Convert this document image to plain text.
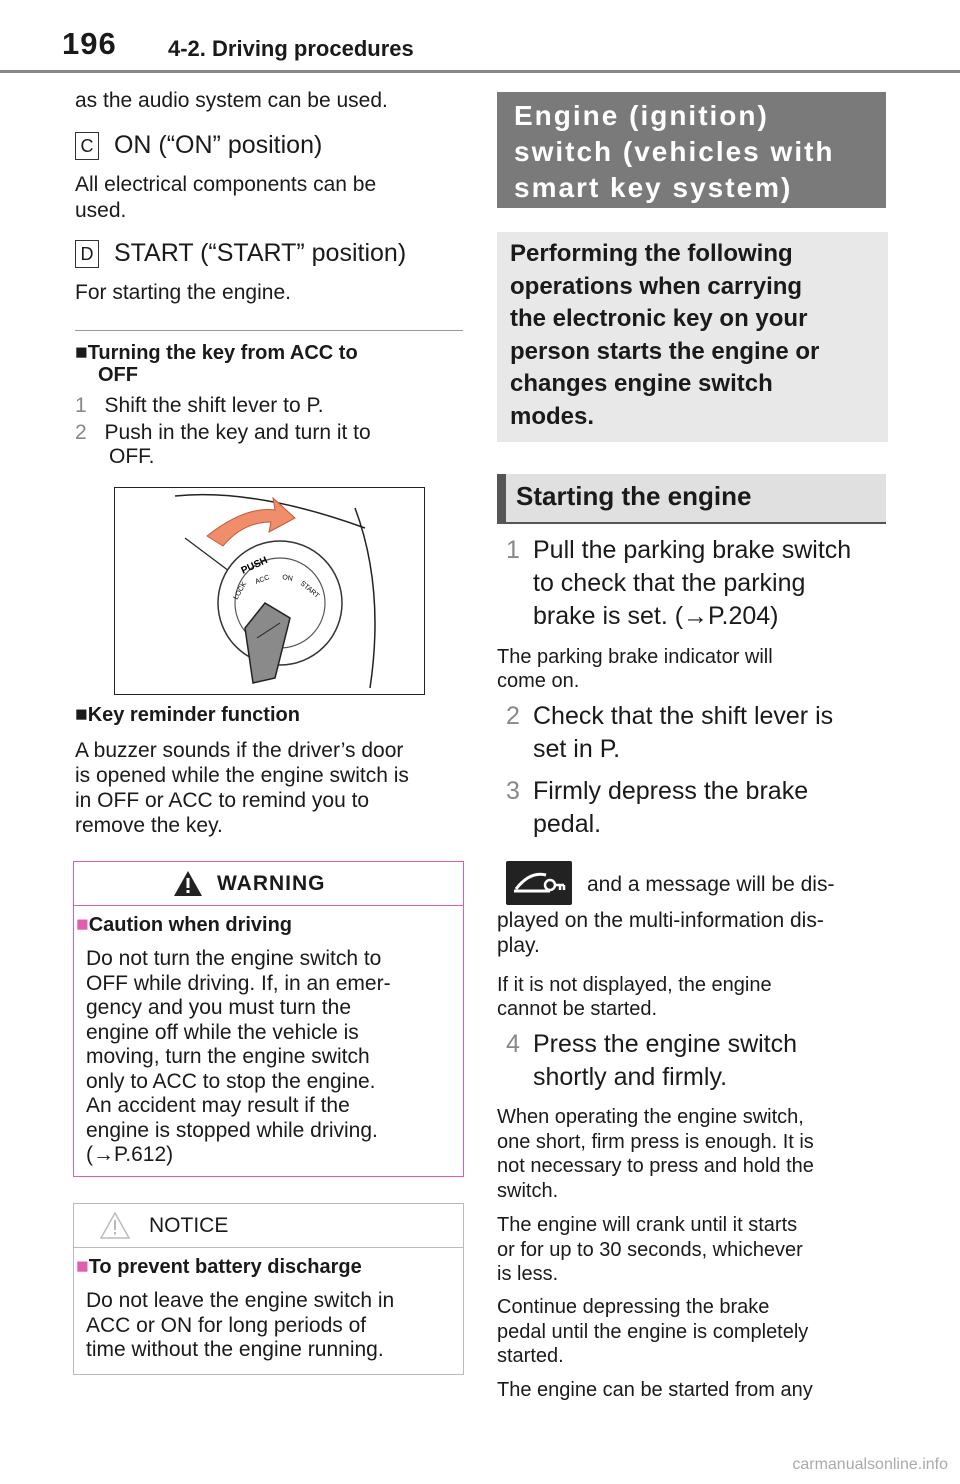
196 4-2. Driving procedures
as the audio system can be used.
C ON (“ON” position)
All electrical components can be
used.
D START (“START” position)
For starting the engine.
■Turning the key from ACC to
OFF
1 Shift the shift lever to P.
2 Push in the key and turn it to
OFF.
PUSH
LOCK
ACC ON
START
■Key reminder function
A buzzer sounds if the driver’s door
is opened while the engine switch is
in OFF or ACC to remind you to
remove the key.
WARNING
■Caution when driving
Do not turn the engine switch to
OFF while driving. If, in an emer-
gency and you must turn the
engine off while the vehicle is
moving, turn the engine switch
only to ACC to stop the engine.
An accident may result if the
engine is stopped while driving.
(→P.612)
NOTICE
■To prevent battery discharge
Do not leave the engine switch in
ACC or ON for long periods of
time without the engine running.
Engine (ignition)
switch (vehicles with
smart key system)
Performing the following
operations when carrying
the electronic key on your
person starts the engine or
changes engine switch
modes.
Starting the engine
1 Pull the parking brake switch
to check that the parking
brake is set. (→P.204)
The parking brake indicator will
come on.
2 Check that the shift lever is
set in P.
3 Firmly depress the brake
pedal.
and a message will be dis-
played on the multi-information dis-
play.
If it is not displayed, the engine
cannot be started.
4 Press the engine switch
shortly and firmly.
When operating the engine switch,
one short, firm press is enough. It is
not necessary to press and hold the
switch.
The engine will crank until it starts
or for up to 30 seconds, whichever
is less.
Continue depressing the brake
pedal until the engine is completely
started.
The engine can be started from any
carmanualsonline.info
